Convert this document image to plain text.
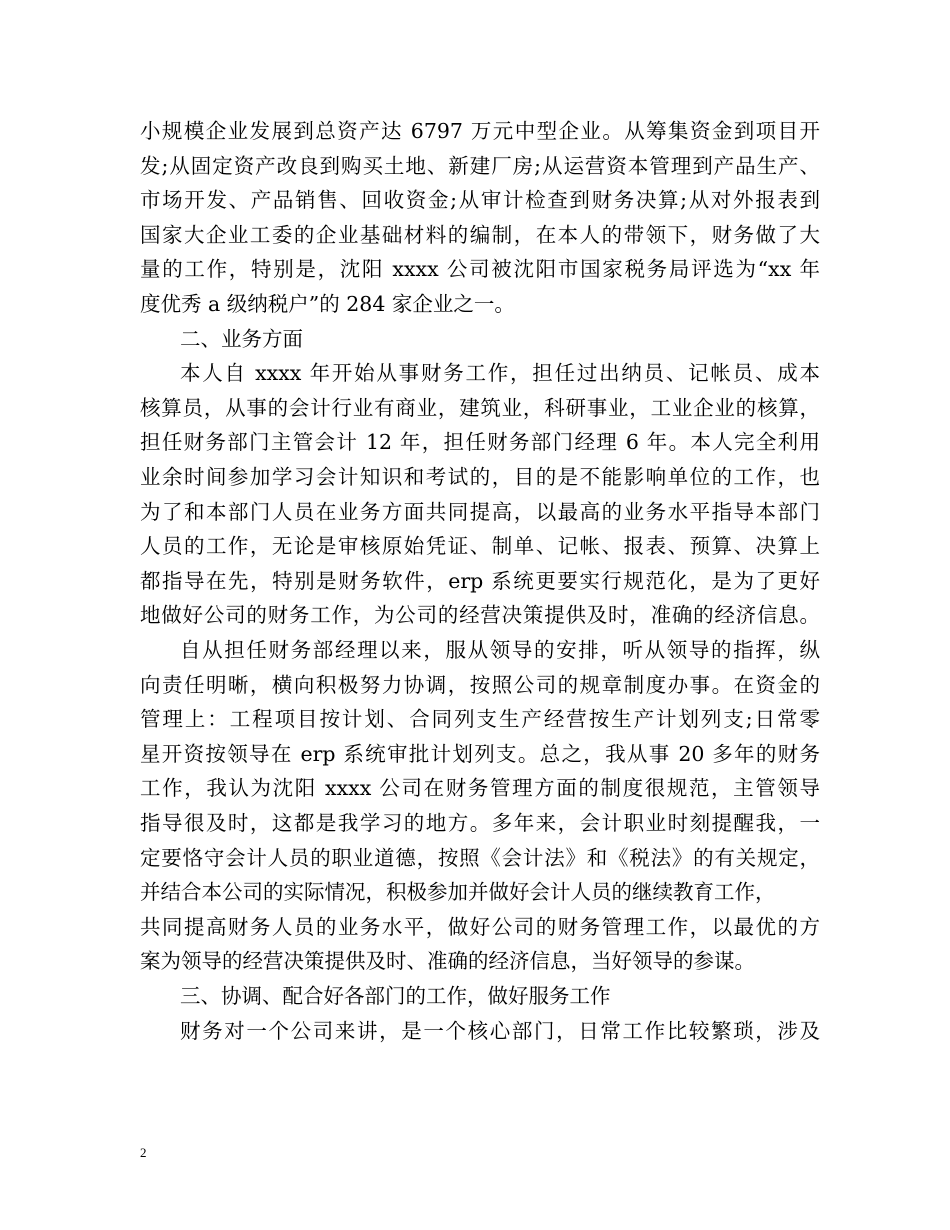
小规模企业发展到总资产达 6797 万元中型企业。从筹集资金到项目开
发;从固定资产改良到购买土地、新建厂房;从运营资本管理到产品生产、
市场开发、产品销售、回收资金;从审计检查到财务决算;从对外报表到
国家大企业工委的企业基础材料的编制，在本人的带领下，财务做了大
量的工作，特别是，沈阳 xxxx 公司被沈阳市国家税务局评选为“xx 年
度优秀 a 级纳税户”的 284 家企业之一。
二、业务方面
本人自 xxxx 年开始从事财务工作，担任过出纳员、记帐员、成本
核算员，从事的会计行业有商业，建筑业，科研事业，工业企业的核算，
担任财务部门主管会计 12 年，担任财务部门经理 6 年。本人完全利用
业余时间参加学习会计知识和考试的，目的是不能影响单位的工作，也
为了和本部门人员在业务方面共同提高，以最高的业务水平指导本部门
人员的工作，无论是审核原始凭证、制单、记帐、报表、预算、决算上
都指导在先，特别是财务软件，erp 系统更要实行规范化，是为了更好
地做好公司的财务工作，为公司的经营决策提供及时，准确的经济信息。
自从担任财务部经理以来，服从领导的安排，听从领导的指挥，纵
向责任明晰，横向积极努力协调，按照公司的规章制度办事。在资金的
管理上：工程项目按计划、合同列支生产经营按生产计划列支;日常零
星开资按领导在 erp 系统审批计划列支。总之，我从事 20 多年的财务
工作，我认为沈阳 xxxx 公司在财务管理方面的制度很规范，主管领导
指导很及时，这都是我学习的地方。多年来，会计职业时刻提醒我，一
定要恪守会计人员的职业道德，按照《会计法》和《税法》的有关规定，
并结合本公司的实际情况，积极参加并做好会计人员的继续教育工作，
共同提高财务人员的业务水平，做好公司的财务管理工作，以最优的方
案为领导的经营决策提供及时、准确的经济信息，当好领导的参谋。
三、协调、配合好各部门的工作，做好服务工作
财务对一个公司来讲，是一个核心部门，日常工作比较繁琐，涉及
2
